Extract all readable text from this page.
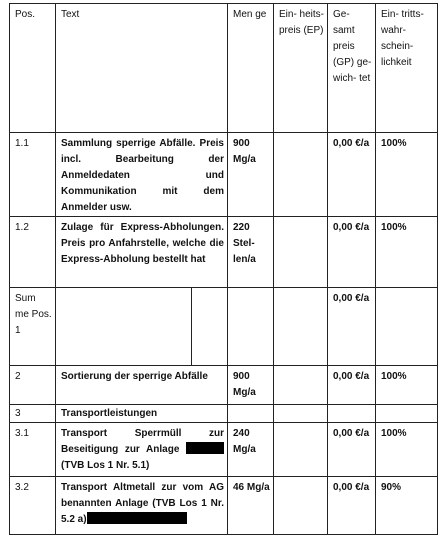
Pos.	Text	Men ge	Ein- heits- preis (EP)	Ge- samt preis (GP) ge- wich- tet	Ein- tritts- wahr- schein- lichkeit
1.1	Sammlung sperrige Abfälle. Preis incl. Bearbeitung der Anmeldedaten und Kommunikation mit dem Anmelder usw.	900 Mg/a		0,00 €/a	100%
1.2	Zulage für Express-Abholungen. Preis pro Anfahrstelle, welche die Express-Abholung bestellt hat	220 Stel- len/a		0,00 €/a	100%
Sum me Pos. 1				0,00 €/a	
2	Sortierung der sperrige Abfälle	900 Mg/a		0,00 €/a	100%
3	Transportleistungen				
3.1	Transport Sperrmüll zur Beseitigung zur Anlage (TVB Los 1 Nr. 5.1)	240 Mg/a		0,00 €/a	100%
3.2	Transport Altmetall zur vom AG benannten Anlage (TVB Los 1 Nr. 5.2 a)	46 Mg/a		0,00 €/a	90%
